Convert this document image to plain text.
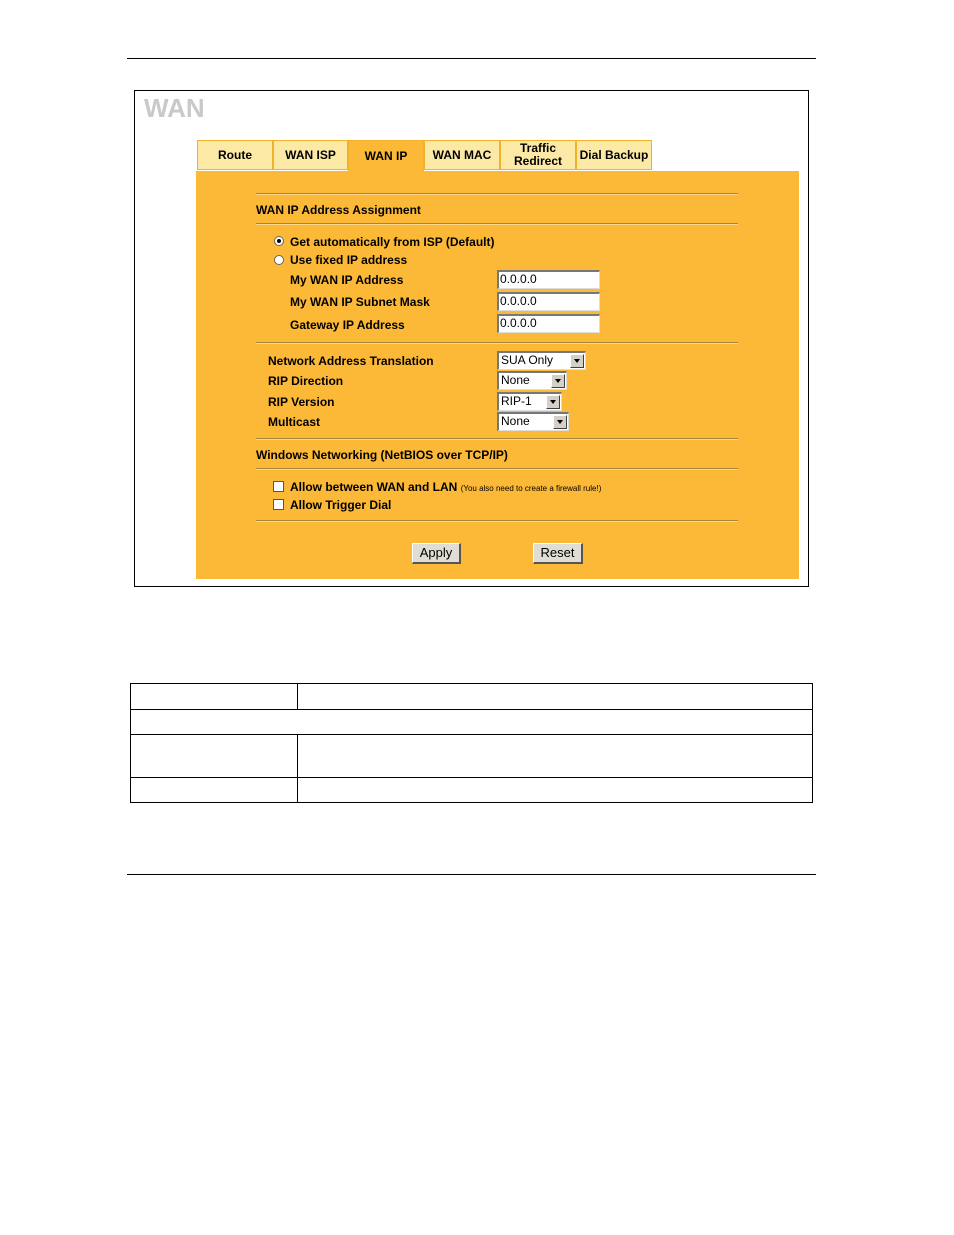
WAN
Route	WAN ISP	WAN IP	WAN MAC	Traffic
Redirect	Dial Backup
WAN IP Address Assignment
Get automatically from ISP (Default)
Use fixed IP address
My WAN IP Address	0.0.0.0
My WAN IP Subnet Mask	0.0.0.0
Gateway IP Address	0.0.0.0
Network Address Translation	SUA Only
RIP Direction	None
RIP Version	RIP-1
Multicast	None
Windows Networking (NetBIOS over TCP/IP)
Allow between WAN and LAN (You also need to create a firewall rule!)
Allow Trigger Dial
Apply	Reset
